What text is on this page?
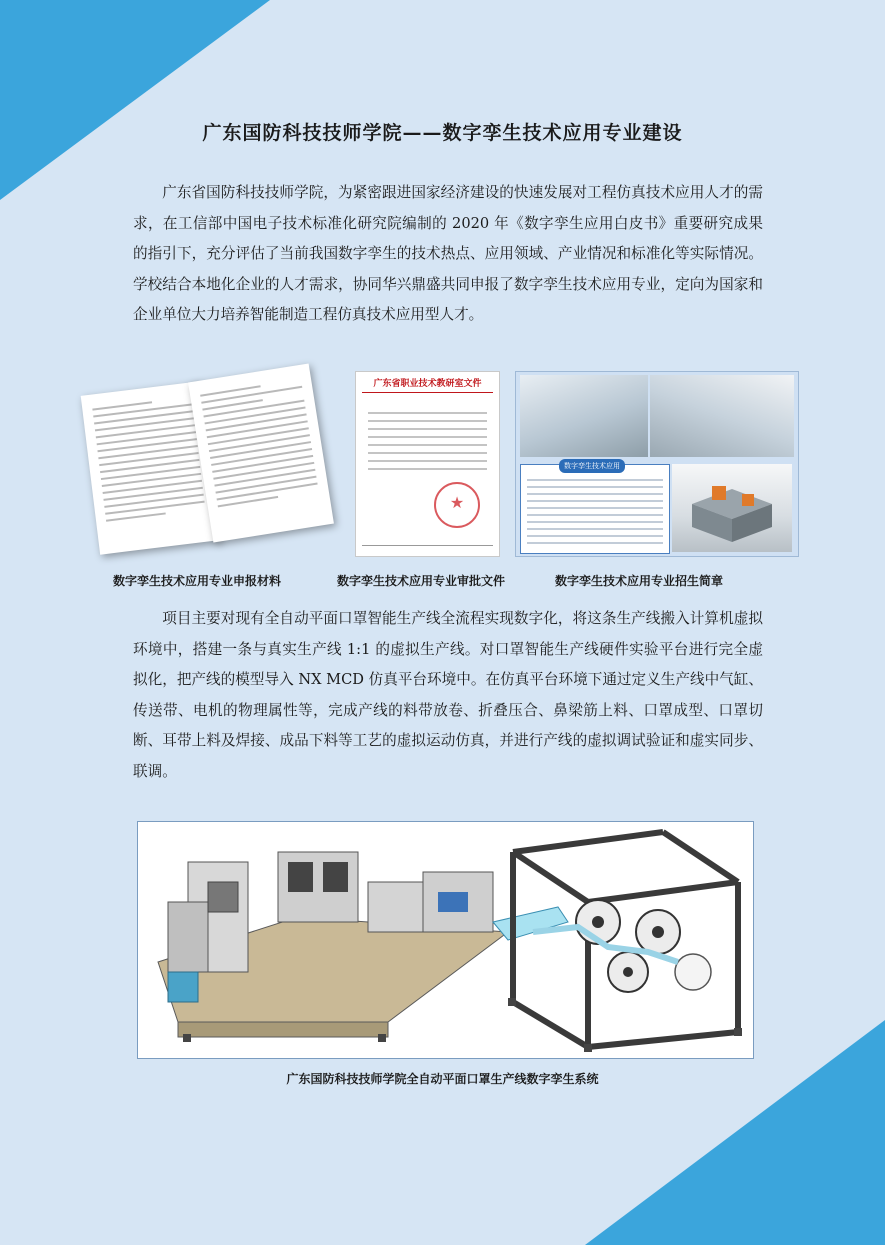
广东国防科技技师学院——数字孪生技术应用专业建设

广东省国防科技技师学院，为紧密跟进国家经济建设的快速发展对工程仿真技术应用人才的需求，在工信部中国电子技术标准化研究院编制的 2020 年《数字孪生应用白皮书》重要研究成果的指引下，充分评估了当前我国数字孪生的技术热点、应用领域、产业情况和标准化等实际情况。学校结合本地化企业的人才需求，协同华兴鼎盛共同申报了数字孪生技术应用专业，定向为国家和企业单位大力培养智能制造工程仿真技术应用型人才。

广东省职业技术教研室文件
★
数字孪生技术应用
数字孪生技术应用专业申报材料	数字孪生技术应用专业审批文件	数字孪生技术应用专业招生简章

项目主要对现有全自动平面口罩智能生产线全流程实现数字化，将这条生产线搬入计算机虚拟环境中，搭建一条与真实生产线 1:1 的虚拟生产线。对口罩智能生产线硬件实验平台进行完全虚拟化，把产线的模型导入 NX MCD 仿真平台环境中。在仿真平台环境下通过定义生产线中气缸、传送带、电机的物理属性等，完成产线的料带放卷、折叠压合、鼻梁筋上料、口罩成型、口罩切断、耳带上料及焊接、成品下料等工艺的虚拟运动仿真，并进行产线的虚拟调试验证和虚实同步、联调。

广东国防科技技师学院全自动平面口罩生产线数字孪生系统
